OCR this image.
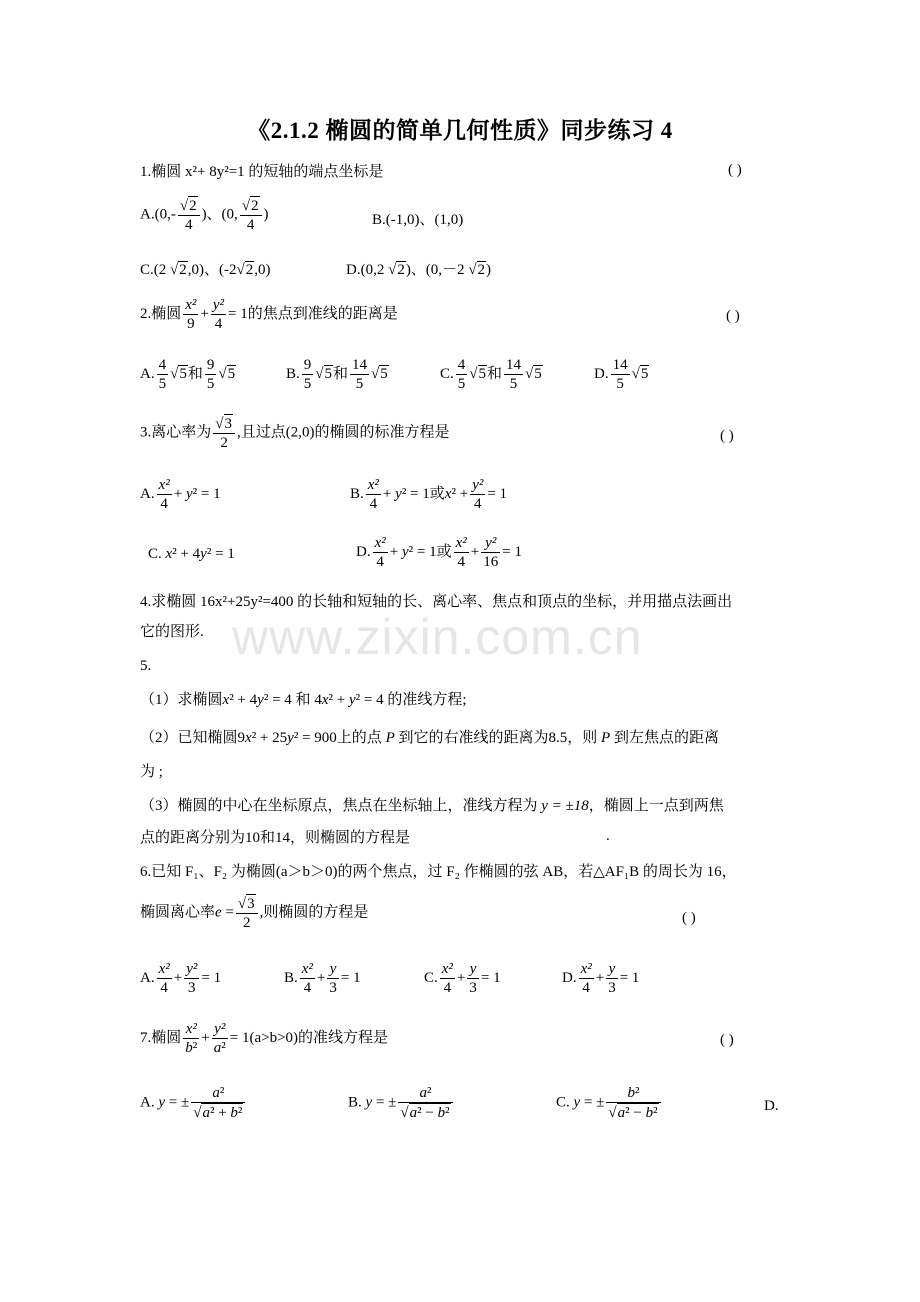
www.zixin.com.cn
《2.1.2 椭圆的简单几何性质》同步练习 4
1.椭圆 x²+ 8y²=1 的短轴的端点坐标是	( )
$A.(0,- \frac{√2}{4}$ )、(0, $\frac{√2}{4}$ )	B.(-1,0)、(1,0)
C.(2 √2,0)、(-2√2,0)	D.(0,2 √2)、(0,－2 √2)
2.椭圆 $\frac{\text{x²}}{9} + \frac{\text{y²}}{4} = 1$的焦点到准线的距离是	( )
A. $\frac{4}{5} √5$和 $\frac{9}{5} √5$	B. $\frac{9}{5} √5$和 $\frac{14}{5} √5$	C. $\frac{4}{5} √5$和 $\frac{14}{5} √5$	D. $\frac{14}{5} √5$
3.离心率为 $\frac{√3}{2}$ ,且过点(2,0)的椭圆的标准方程是	( )
A. $\frac{\text{x²}}{4} + y^2 = 1$	B. $\frac{\text{x²}}{4} + y^2 = 1$或$x^2 + \frac{\text{y²}}{4} = 1$
C. x² + 4y² = 1	D. $\frac{\text{x²}}{4} + y^2 = 1$或 $\frac{\text{x²}}{4} + \frac{\text{y²}}{16} = 1$
4.求椭圆 16x²+25y²=400 的长轴和短轴的长、离心率、焦点和顶点的坐标，并用描点法画出
它的图形.
5.
（1）求椭圆x² + 4y² = 4 和 4x² + y² = 4 的准线方程;
（2）已知椭圆9x² + 25y² = 900上的点 P 到它的右准线的距离为8.5，则 P 到左焦点的距离
为 ;
（3）椭圆的中心在坐标原点，焦点在坐标轴上，准线方程为 y = ±18，椭圆上一点到两焦
点的距离分别为10和14，则椭圆的方程是	.
6.已知 F₁、F₂ 为椭圆(a＞b＞0)的两个焦点，过 F₂ 作椭圆的弦 AB，若△AF₁B 的周长为 16，
椭圆离心率$e = \frac{√3}{2}$ ,则椭圆的方程是	( )
A. $\frac{\text{x²}}{4} + \frac{\text{y²}}{3} = 1$	B. $\frac{\text{x²}}{4} + \frac{y}{3} = 1$	C. $\frac{\text{x²}}{4} + \frac{y}{3} = 1$	D. $\frac{\text{x²}}{4} + \frac{y}{3} = 1$
7.椭圆 $\frac{\text{x²}}{\text{b²}} + \frac{\text{y²}}{\text{a²}} = 1(a>b>0)$的准线方程是	( )
A. y = ± $\frac{\text{a²}}{\text{√a² + b²}}$	B. y = ± $\frac{\text{a²}}{\text{√a² − b²}}$	C. y = ± $\frac{\text{b²}}{\text{√a² − b²}}$	D.
